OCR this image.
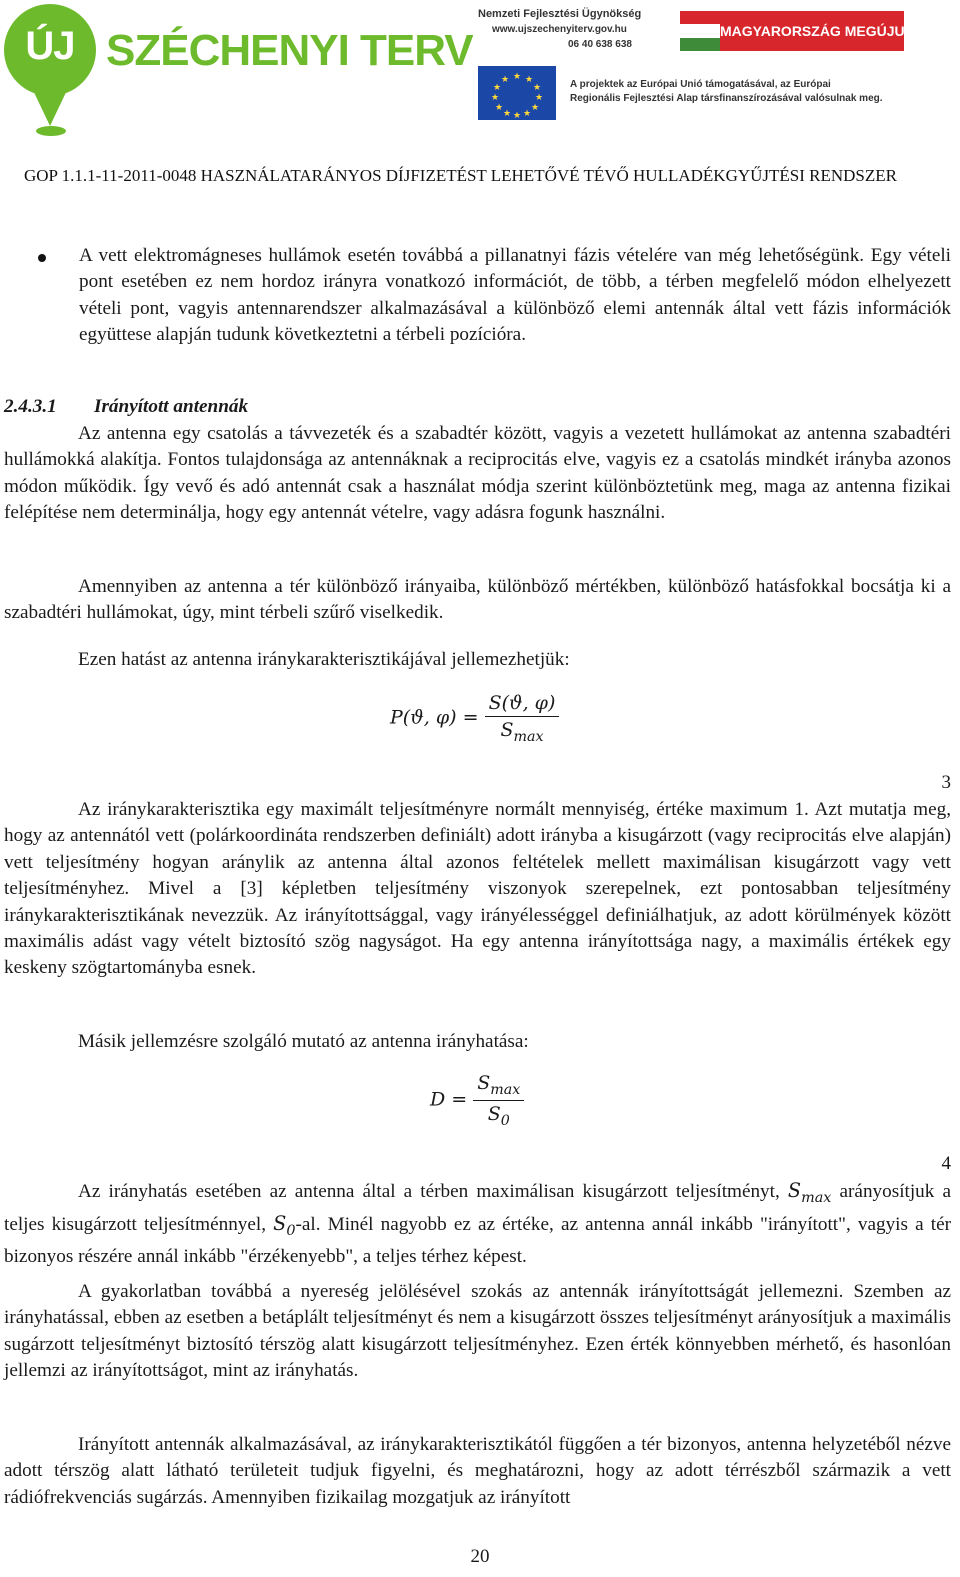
ÚJ SZÉCHENYI TERV
Nemzeti Fejlesztési Ügynökség
www.ujszechenyiterv.gov.hu
06 40 638 638
MAGYARORSZÁG MEGÚJUL
★ ★
★
★
★
★
★
★
★
★
★
★	A projektek az Európai Unió támogatásával, az Európai
Regionális Fejlesztési Alap társfinanszírozásával valósulnak meg.
GOP 1.1.1-11-2011-0048 HASZNÁLATARÁNYOS DÍJFIZETÉST LEHETŐVÉ TÉVŐ HULLADÉKGYŰJTÉSI RENDSZER

A vett elektromágneses hullámok esetén továbbá a pillanatnyi fázis vételére van még lehetőségünk. Egy vételi pont esetében ez nem hordoz irányra vonatkozó információt, de több, a térben megfelelő módon elhelyezett vételi pont, vagyis antennarendszer alkalmazásával a különböző elemi antennák által vett fázis információk együttese alapján tudunk következtetni a térbeli pozícióra.

2.4.3.1 Irányított antennák

Az antenna egy csatolás a távvezeték és a szabadtér között, vagyis a vezetett hullámokat az antenna szabadtéri hullámokká alakítja. Fontos tulajdonsága az antennáknak a reciprocitás elve, vagyis ez a csatolás mindkét irányba azonos módon működik. Így vevő és adó antennát csak a használat módja szerint különböztetünk meg, maga az antenna fizikai felépítése nem determinálja, hogy egy antennát vételre, vagy adásra fogunk használni.

Amennyiben az antenna a tér különböző irányaiba, különböző mértékben, különböző hatásfokkal bocsátja ki a szabadtéri hullámokat, úgy, mint térbeli szűrő viselkedik.

Ezen hatást az antenna iránykarakterisztikájával jellemezhetjük:

P(ϑ, $\varphi) = \frac{S(ϑ, \varphi)}{S_{max}}$
3

Az iránykarakterisztika egy maximált teljesítményre normált mennyiség, értéke maximum 1. Azt mutatja meg, hogy az antennától vett (polárkoordináta rendszerben definiált) adott irányba a kisugárzott (vagy reciprocitás elve alapján) vett teljesítmény hogyan aránylik az antenna által azonos feltételek mellett maximálisan kisugárzott vagy vett teljesítményhez. Mivel a [3] képletben teljesítmény viszonyok szerepelnek, ezt pontosabban teljesítmény iránykarakterisztikának nevezzük. Az irányítottsággal, vagy irányélességgel definiálhatjuk, az adott körülmények között maximális adást vagy vételt biztosító szög nagyságot. Ha egy antenna irányítottsága nagy, a maximális értékek egy keskeny szögtartományba esnek.

Másik jellemzésre szolgáló mutató az antenna irányhatása:

$D = \frac{S_{max}}{S_0}$
4

Az irányhatás esetében az antenna által a térben maximálisan kisugárzott teljesítményt, $S_{max}$ arányosítjuk a teljes kisugárzott teljesítménnyel, $S_0-al$. Minél nagyobb ez az értéke, az antenna annál inkább "irányított", vagyis a tér bizonyos részére annál inkább "érzékenyebb", a teljes térhez képest.

A gyakorlatban továbbá a nyereség jelölésével szokás az antennák irányítottságát jellemezni. Szemben az irányhatással, ebben az esetben a betáplált teljesítményt és nem a kisugárzott összes teljesítményt arányosítjuk a maximális sugárzott teljesítményt biztosító térszög alatt kisugárzott teljesítményhez. Ezen érték könnyebben mérhető, és hasonlóan jellemzi az irányítottságot, mint az irányhatás.

Irányított antennák alkalmazásával, az iránykarakterisztikától függően a tér bizonyos, antenna helyzetéből nézve adott térszög alatt látható területeit tudjuk figyelni, és meghatározni, hogy az adott térrészből származik a vett rádiófrekvenciás sugárzás. Amennyiben fizikailag mozgatjuk az irányított

20
